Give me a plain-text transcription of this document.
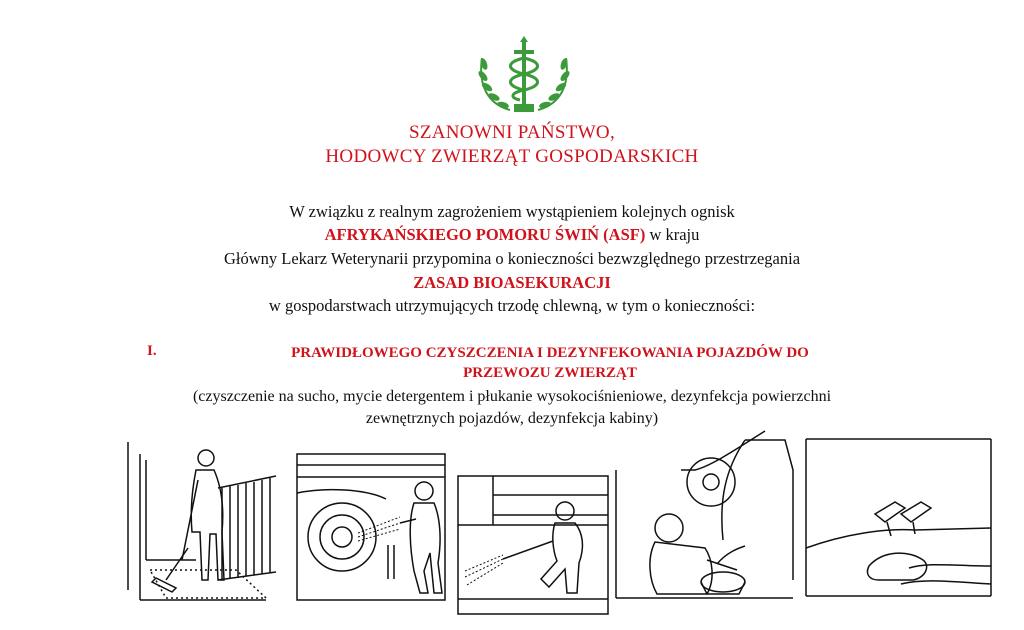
SZANOWNI PAŃSTWO,
HODOWCY ZWIERZĄT GOSPODARSKICH
W związku z realnym zagrożeniem wystąpieniem kolejnych ognisk
AFRYKAŃSKIEGO POMORU ŚWIŃ (ASF) w kraju
Główny Lekarz Weterynarii przypomina o konieczności bezwzględnego przestrzegania
ZASAD BIOASEKURACJI
w gospodarstwach utrzymujących trzodę chlewną, w tym o konieczności:
I.	PRAWIDŁOWEGO CZYSZCZENIA I DEZYNFEKOWANIA POJAZDÓW DO
PRZEWOZU ZWIERZĄT
(czyszczenie na sucho, mycie detergentem i płukanie wysokociśnieniowe, dezynfekcja powierzchni
zewnętrznych pojazdów, dezynfekcja kabiny)
